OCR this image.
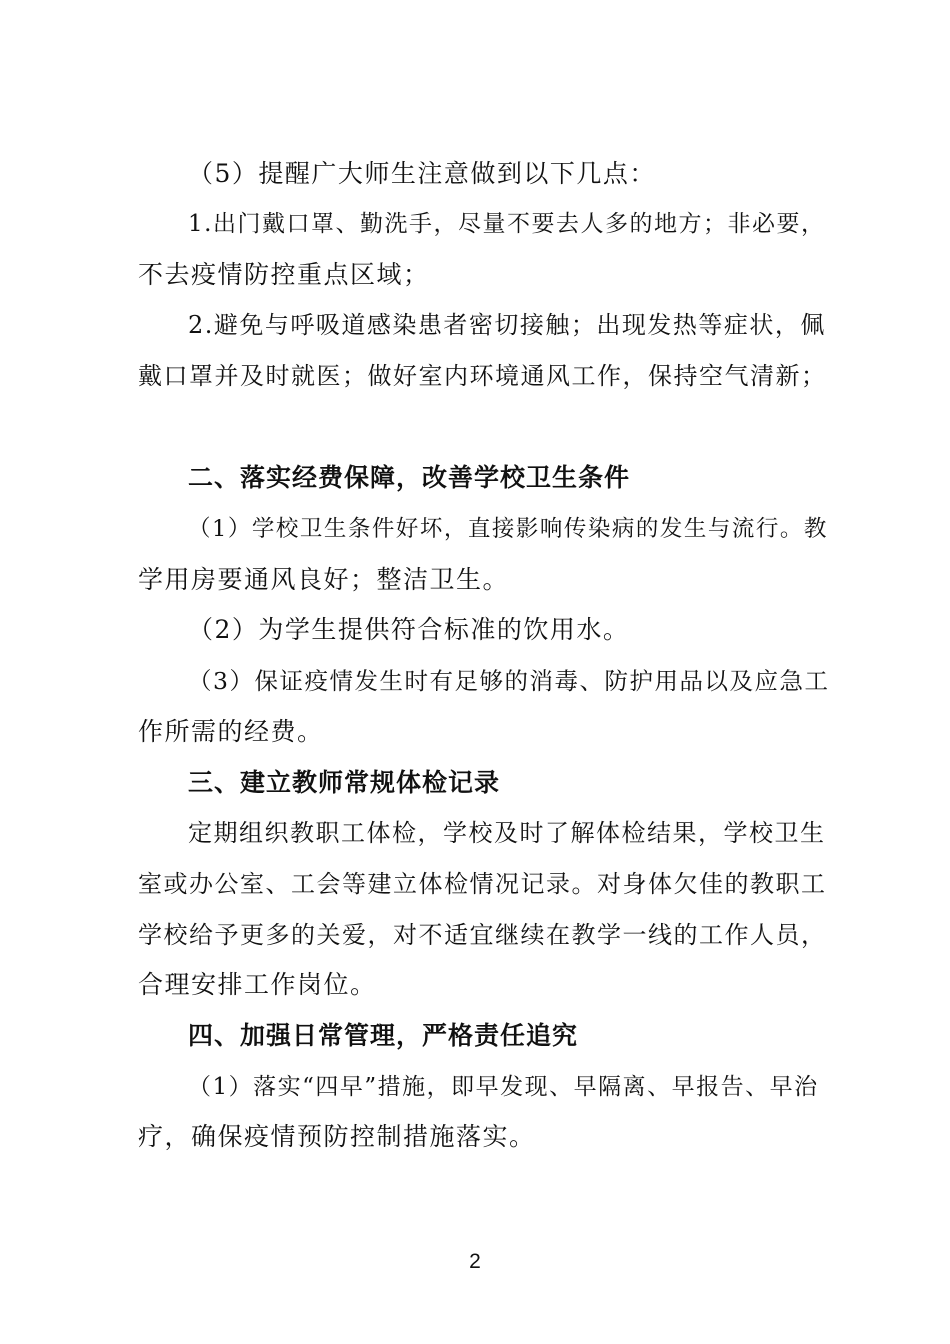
（5）提醒广大师生注意做到以下几点：
1.出门戴口罩、勤洗手，尽量不要去人多的地方；非必要，
不去疫情防控重点区域；
2.避免与呼吸道感染患者密切接触；出现发热等症状，佩
戴口罩并及时就医；做好室内环境通风工作，保持空气清新；
二、落实经费保障，改善学校卫生条件
（1）学校卫生条件好坏，直接影响传染病的发生与流行。教
学用房要通风良好；整洁卫生。
（2）为学生提供符合标准的饮用水。
（3）保证疫情发生时有足够的消毒、防护用品以及应急工
作所需的经费。
三、建立教师常规体检记录
定期组织教职工体检，学校及时了解体检结果，学校卫生
室或办公室、工会等建立体检情况记录。对身体欠佳的教职工
学校给予更多的关爱，对不适宜继续在教学一线的工作人员，
合理安排工作岗位。
四、加强日常管理，严格责任追究
（1）落实“四早”措施，即早发现、早隔离、早报告、早治
疗，确保疫情预防控制措施落实。
2
